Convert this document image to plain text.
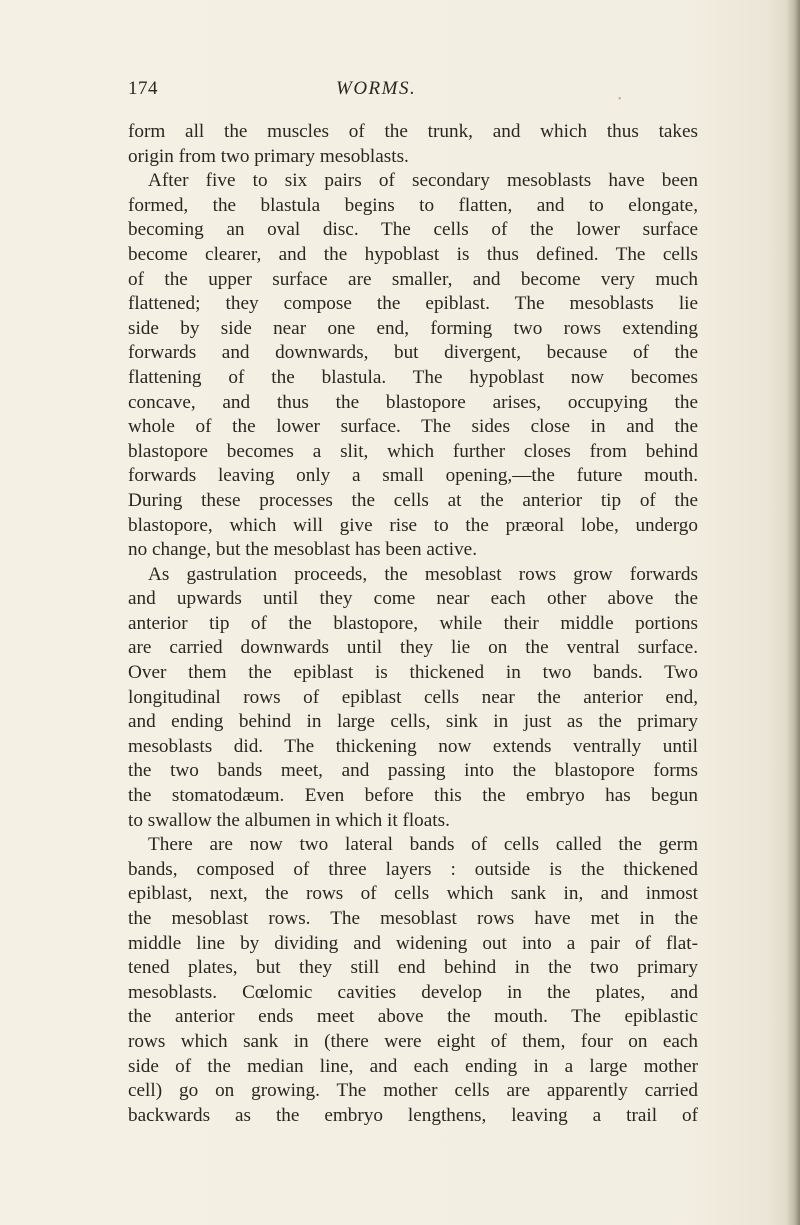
174	WORMS.
•
form all the muscles of the trunk, and which thus takes
origin from two primary mesoblasts.
After five to six pairs of secondary mesoblasts have been
formed, the blastula begins to flatten, and to elongate,
becoming an oval disc. The cells of the lower surface
become clearer, and the hypoblast is thus defined. The cells
of the upper surface are smaller, and become very much
flattened; they compose the epiblast. The mesoblasts lie
side by side near one end, forming two rows extending
forwards and downwards, but divergent, because of the
flattening of the blastula. The hypoblast now becomes
concave, and thus the blastopore arises, occupying the
whole of the lower surface. The sides close in and the
blastopore becomes a slit, which further closes from behind
forwards leaving only a small opening,—the future mouth.
During these processes the cells at the anterior tip of the
blastopore, which will give rise to the præoral lobe, undergo
no change, but the mesoblast has been active.
As gastrulation proceeds, the mesoblast rows grow forwards
and upwards until they come near each other above the
anterior tip of the blastopore, while their middle portions
are carried downwards until they lie on the ventral surface.
Over them the epiblast is thickened in two bands. Two
longitudinal rows of epiblast cells near the anterior end,
and ending behind in large cells, sink in just as the primary
mesoblasts did. The thickening now extends ventrally until
the two bands meet, and passing into the blastopore forms
the stomatodæum. Even before this the embryo has begun
to swallow the albumen in which it floats.
There are now two lateral bands of cells called the germ
bands, composed of three layers : outside is the thickened
epiblast, next, the rows of cells which sank in, and inmost
the mesoblast rows. The mesoblast rows have met in the
middle line by dividing and widening out into a pair of flat-
tened plates, but they still end behind in the two primary
mesoblasts. Cœlomic cavities develop in the plates, and
the anterior ends meet above the mouth. The epiblastic
rows which sank in (there were eight of them, four on each
side of the median line, and each ending in a large mother
cell) go on growing. The mother cells are apparently carried
backwards as the embryo lengthens, leaving a trail of
